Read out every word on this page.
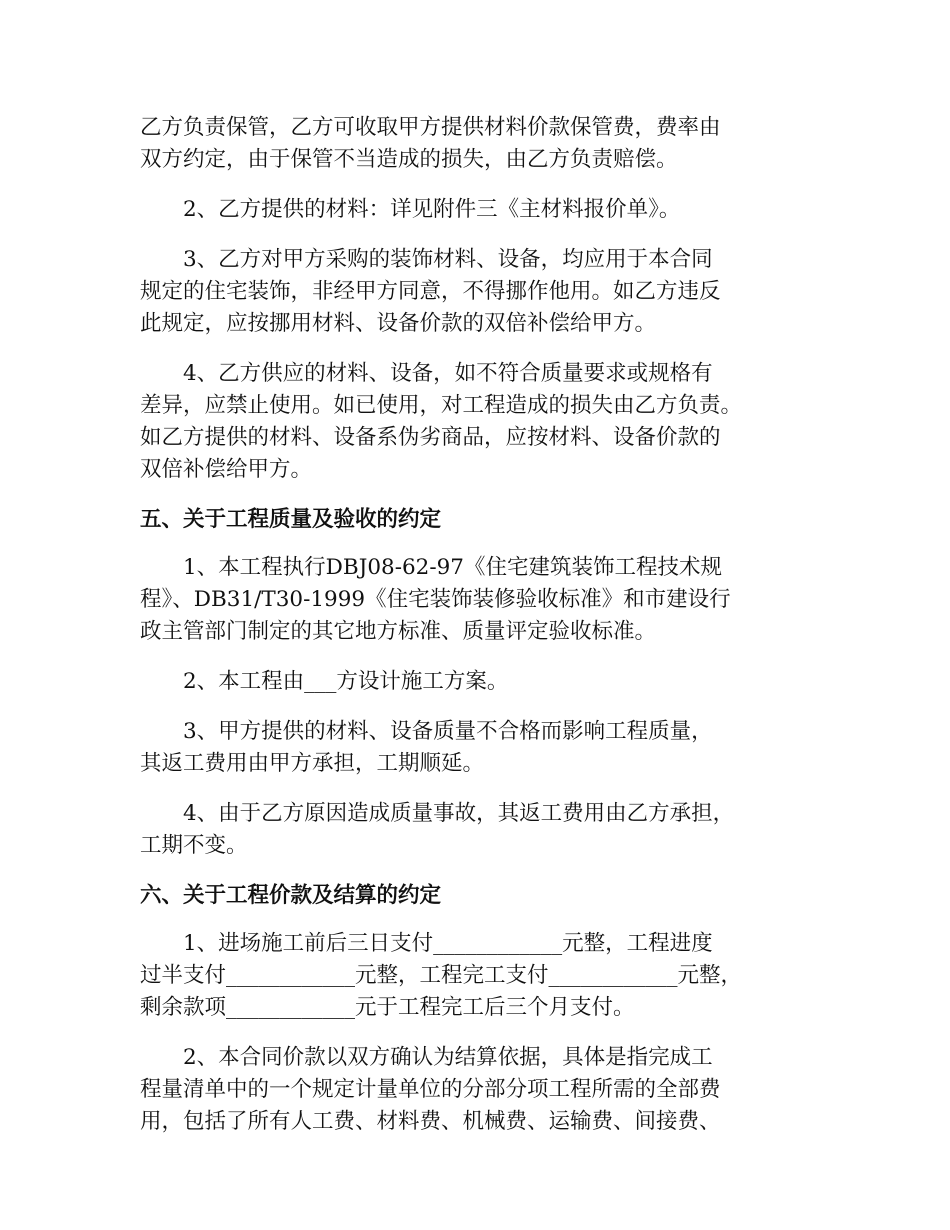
乙方负责保管，乙方可收取甲方提供材料价款保管费，费率由
双方约定，由于保管不当造成的损失，由乙方负责赔偿。

　　2、乙方提供的材料：详见附件三《主材料报价单》。

　　3、乙方对甲方采购的装饰材料、设备，均应用于本合同
规定的住宅装饰，非经甲方同意，不得挪作他用。如乙方违反
此规定，应按挪用材料、设备价款的双倍补偿给甲方。

　　4、乙方供应的材料、设备，如不符合质量要求或规格有
差异，应禁止使用。如已使用，对工程造成的损失由乙方负责。
如乙方提供的材料、设备系伪劣商品，应按材料、设备价款的
双倍补偿给甲方。

五、关于工程质量及验收的约定

　　1、本工程执行DBJ08-62-97《住宅建筑装饰工程技术规
程》、DB31/T30-1999《住宅装饰装修验收标准》和市建设行
政主管部门制定的其它地方标准、质量评定验收标准。

　　2、本工程由___方设计施工方案。

　　3、甲方提供的材料、设备质量不合格而影响工程质量，
其返工费用由甲方承担，工期顺延。

　　4、由于乙方原因造成质量事故，其返工费用由乙方承担，
工期不变。

六、关于工程价款及结算的约定

　　1、进场施工前后三日支付____________元整，工程进度
过半支付____________元整，工程完工支付____________元整，
剩余款项____________元于工程完工后三个月支付。

　　2、本合同价款以双方确认为结算依据，具体是指完成工
程量清单中的一个规定计量单位的分部分项工程所需的全部费
用，包括了所有人工费、材料费、机械费、运输费、间接费、
